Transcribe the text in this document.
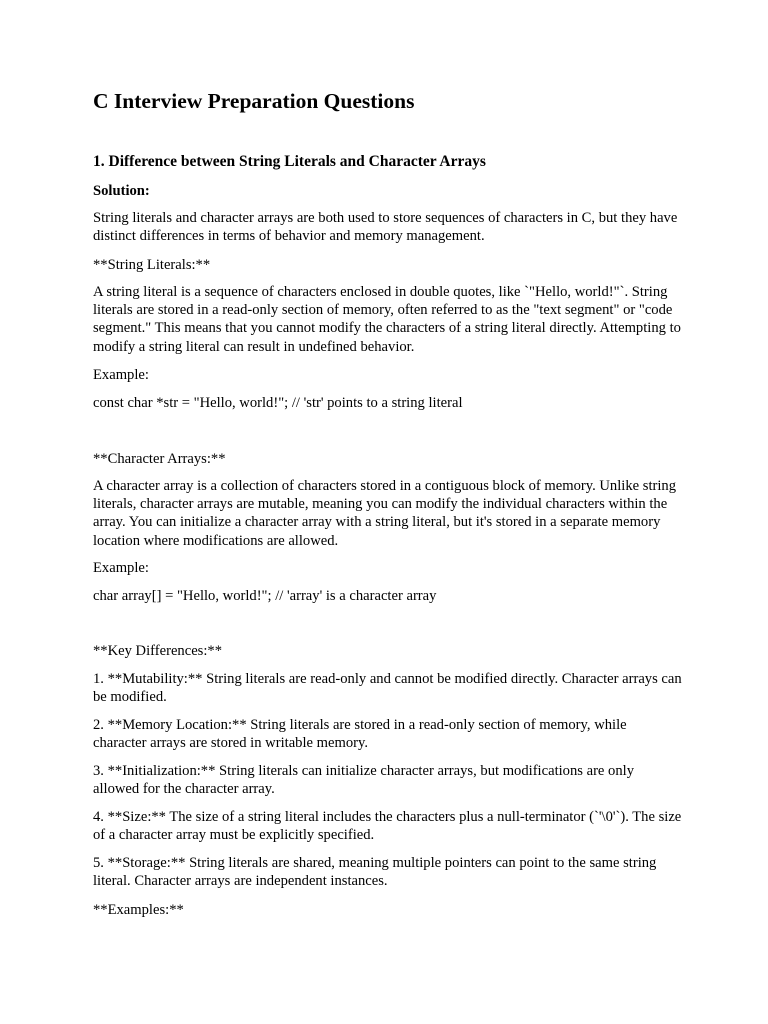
C Interview Preparation Questions
1. Difference between String Literals and Character Arrays

Solution:

String literals and character arrays are both used to store sequences of characters in C, but they have distinct differences in terms of behavior and memory management.

**String Literals:**

A string literal is a sequence of characters enclosed in double quotes, like `"Hello, world!"`. String literals are stored in a read-only section of memory, often referred to as the "text segment" or "code segment." This means that you cannot modify the characters of a string literal directly. Attempting to modify a string literal can result in undefined behavior.

Example:

const char *str = "Hello, world!"; // 'str' points to a string literal

**Character Arrays:**

A character array is a collection of characters stored in a contiguous block of memory. Unlike string literals, character arrays are mutable, meaning you can modify the individual characters within the array. You can initialize a character array with a string literal, but it's stored in a separate memory location where modifications are allowed.

Example:

char array[] = "Hello, world!"; // 'array' is a character array

**Key Differences:**

1. **Mutability:** String literals are read-only and cannot be modified directly. Character arrays can be modified.

2. **Memory Location:** String literals are stored in a read-only section of memory, while character arrays are stored in writable memory.

3. **Initialization:** String literals can initialize character arrays, but modifications are only allowed for the character array.

4. **Size:** The size of a string literal includes the characters plus a null-terminator (`'\0'`). The size of a character array must be explicitly specified.

5. **Storage:** String literals are shared, meaning multiple pointers can point to the same string literal. Character arrays are independent instances.

**Examples:**
